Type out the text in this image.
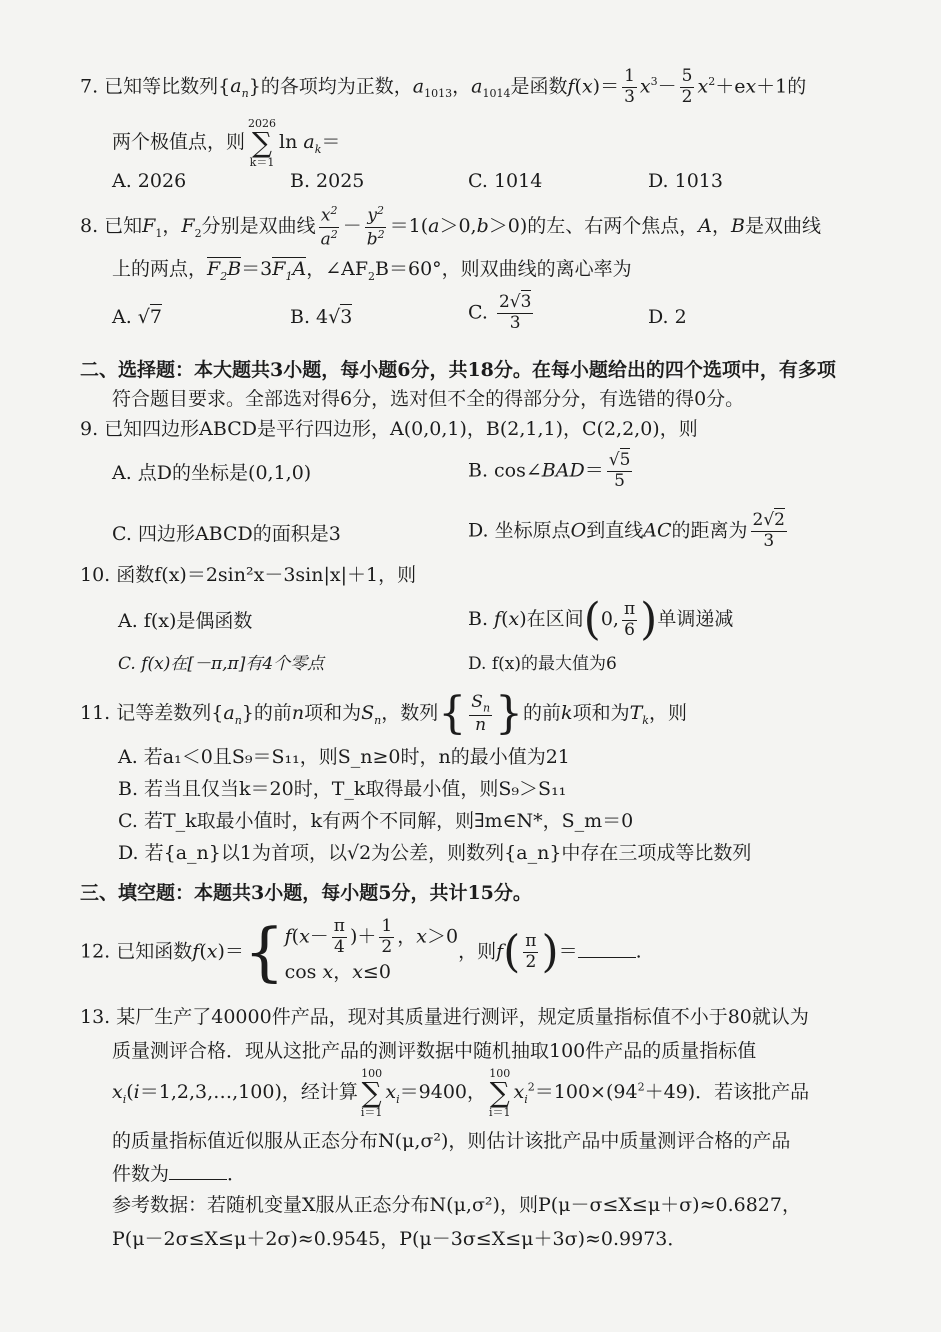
7. 已知等比数列$\{a_n\}$的各项均为正数，$a_{1013}$，$a_{1014}$是函数$f(x)= \frac{1}{3} x^3- \frac{5}{2} x^2+ex+1$的
两个极值点，则
2026
∑
k＝1
$\ln a_k=$
A. 2026	B. 2025	C. 1014	D. 1013
8. 已知$F_1$，$F_2$分别是双曲线 $\frac{x^2}{a^2} - \frac{y^2}{b^2} =1(a>0,b>0)$的左、右两个焦点，A，B是双曲线
上的两点，$F_2B=3F_1A$，$\angle AF_2B=60^\circ$，则双曲线的离心率为
A. √7	B. 4√3	C. $\frac{2√3}{3}$	D. 2
二、选择题：本大题共3小题，每小题6分，共18分。在每小题给出的四个选项中，有多项
符合题目要求。全部选对得6分，选对但不全的得部分分，有选错的得0分。
9. 已知四边形ABCD是平行四边形，A(0,0,1)，B(2,1,1)，C(2,2,0)，则
A. 点D的坐标是(0,1,0)	B. cos∠BAD＝ $\frac{√5}{5}$
C. 四边形ABCD的面积是3	D. 坐标原点O到直线AC的距离为 $\frac{2√2}{3}$
10. 函数f(x)＝2sin²x－3sin|x|＋1，则
A. f(x)是偶函数	B. f(x)在区间(0, $\frac{\pi}{6}$ )单调递减
C. f(x)在[－π,π]有4个零点	D. f(x)的最大值为6
11. 记等差数列$\{a_n\}$的前n项和为$S_n$，数列{ $\frac{S_n}{n}$ }的前k项和为$T_k$，则
A. 若a₁＜0且S₉＝S₁₁，则S_n≥0时，n的最小值为21
B. 若当且仅当k＝20时，T_k取得最小值，则S₉＞S₁₁
C. 若T_k取最小值时，k有两个不同解，则∃m∈N*，S_m＝0
D. 若{a_n}以1为首项，以√2为公差，则数列{a_n}中存在三项成等比数列
三、填空题：本题共3小题，每小题5分，共计15分。
12. 已知函数f(x)＝{ $f(x- \frac{\pi}{4}$ )＋ $\frac{1}{2}$ ，x＞0
cos x，x≤0
，则$f( \frac{\pi}{2}$ )＝	.
13. 某厂生产了40000件产品，现对其质量进行测评，规定质量指标值不小于80就认为
质量测评合格．现从这批产品的测评数据中随机抽取100件产品的质量指标值
$x_i(i=1,2,3,\dots,100)$，经计算
100
∑
i＝1
$x_i=9400$，
100
∑
i＝1
$x_i^2=100\times(94^2+49)$．若该批产品
的质量指标值近似服从正态分布N(μ,σ²)，则估计该批产品中质量测评合格的产品
件数为	．
参考数据：若随机变量X服从正态分布N(μ,σ²)，则P(μ－σ≤X≤μ＋σ)≈0.6827，
P(μ－2σ≤X≤μ＋2σ)≈0.9545，P(μ－3σ≤X≤μ＋3σ)≈0.9973．
